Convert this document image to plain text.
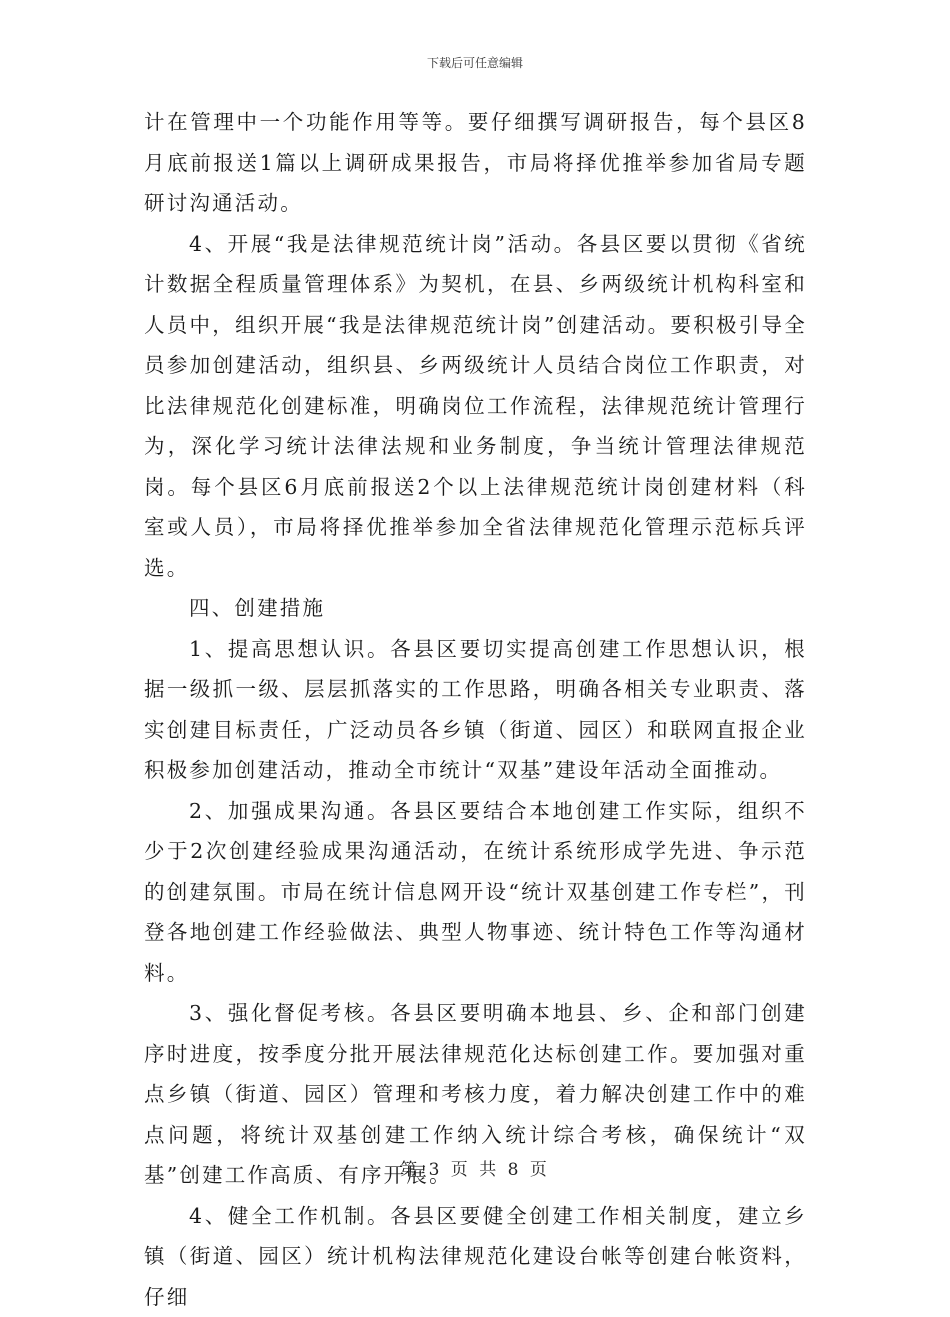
下载后可任意编辑

计在管理中一个功能作用等等。要仔细撰写调研报告，每个县区8月底前报送1篇以上调研成果报告，市局将择优推举参加省局专题研讨沟通活动。

4、开展“我是法律规范统计岗”活动。各县区要以贯彻《省统计数据全程质量管理体系》为契机，在县、乡两级统计机构科室和人员中，组织开展“我是法律规范统计岗”创建活动。要积极引导全员参加创建活动，组织县、乡两级统计人员结合岗位工作职责，对比法律规范化创建标准，明确岗位工作流程，法律规范统计管理行为，深化学习统计法律法规和业务制度，争当统计管理法律规范岗。每个县区6月底前报送2个以上法律规范统计岗创建材料（科室或人员），市局将择优推举参加全省法律规范化管理示范标兵评选。

四、创建措施

1、提高思想认识。各县区要切实提高创建工作思想认识，根据一级抓一级、层层抓落实的工作思路，明确各相关专业职责、落实创建目标责任，广泛动员各乡镇（街道、园区）和联网直报企业积极参加创建活动，推动全市统计“双基”建设年活动全面推动。

2、加强成果沟通。各县区要结合本地创建工作实际，组织不少于2次创建经验成果沟通活动，在统计系统形成学先进、争示范的创建氛围。市局在统计信息网开设“统计双基创建工作专栏”，刊登各地创建工作经验做法、典型人物事迹、统计特色工作等沟通材料。

3、强化督促考核。各县区要明确本地县、乡、企和部门创建序时进度，按季度分批开展法律规范化达标创建工作。要加强对重点乡镇（街道、园区）管理和考核力度，着力解决创建工作中的难点问题，将统计双基创建工作纳入统计综合考核，确保统计“双基”创建工作高质、有序开展。

4、健全工作机制。各县区要健全创建工作相关制度，建立乡镇（街道、园区）统计机构法律规范化建设台帐等创建台帐资料，仔细

第 3 页 共 8 页
